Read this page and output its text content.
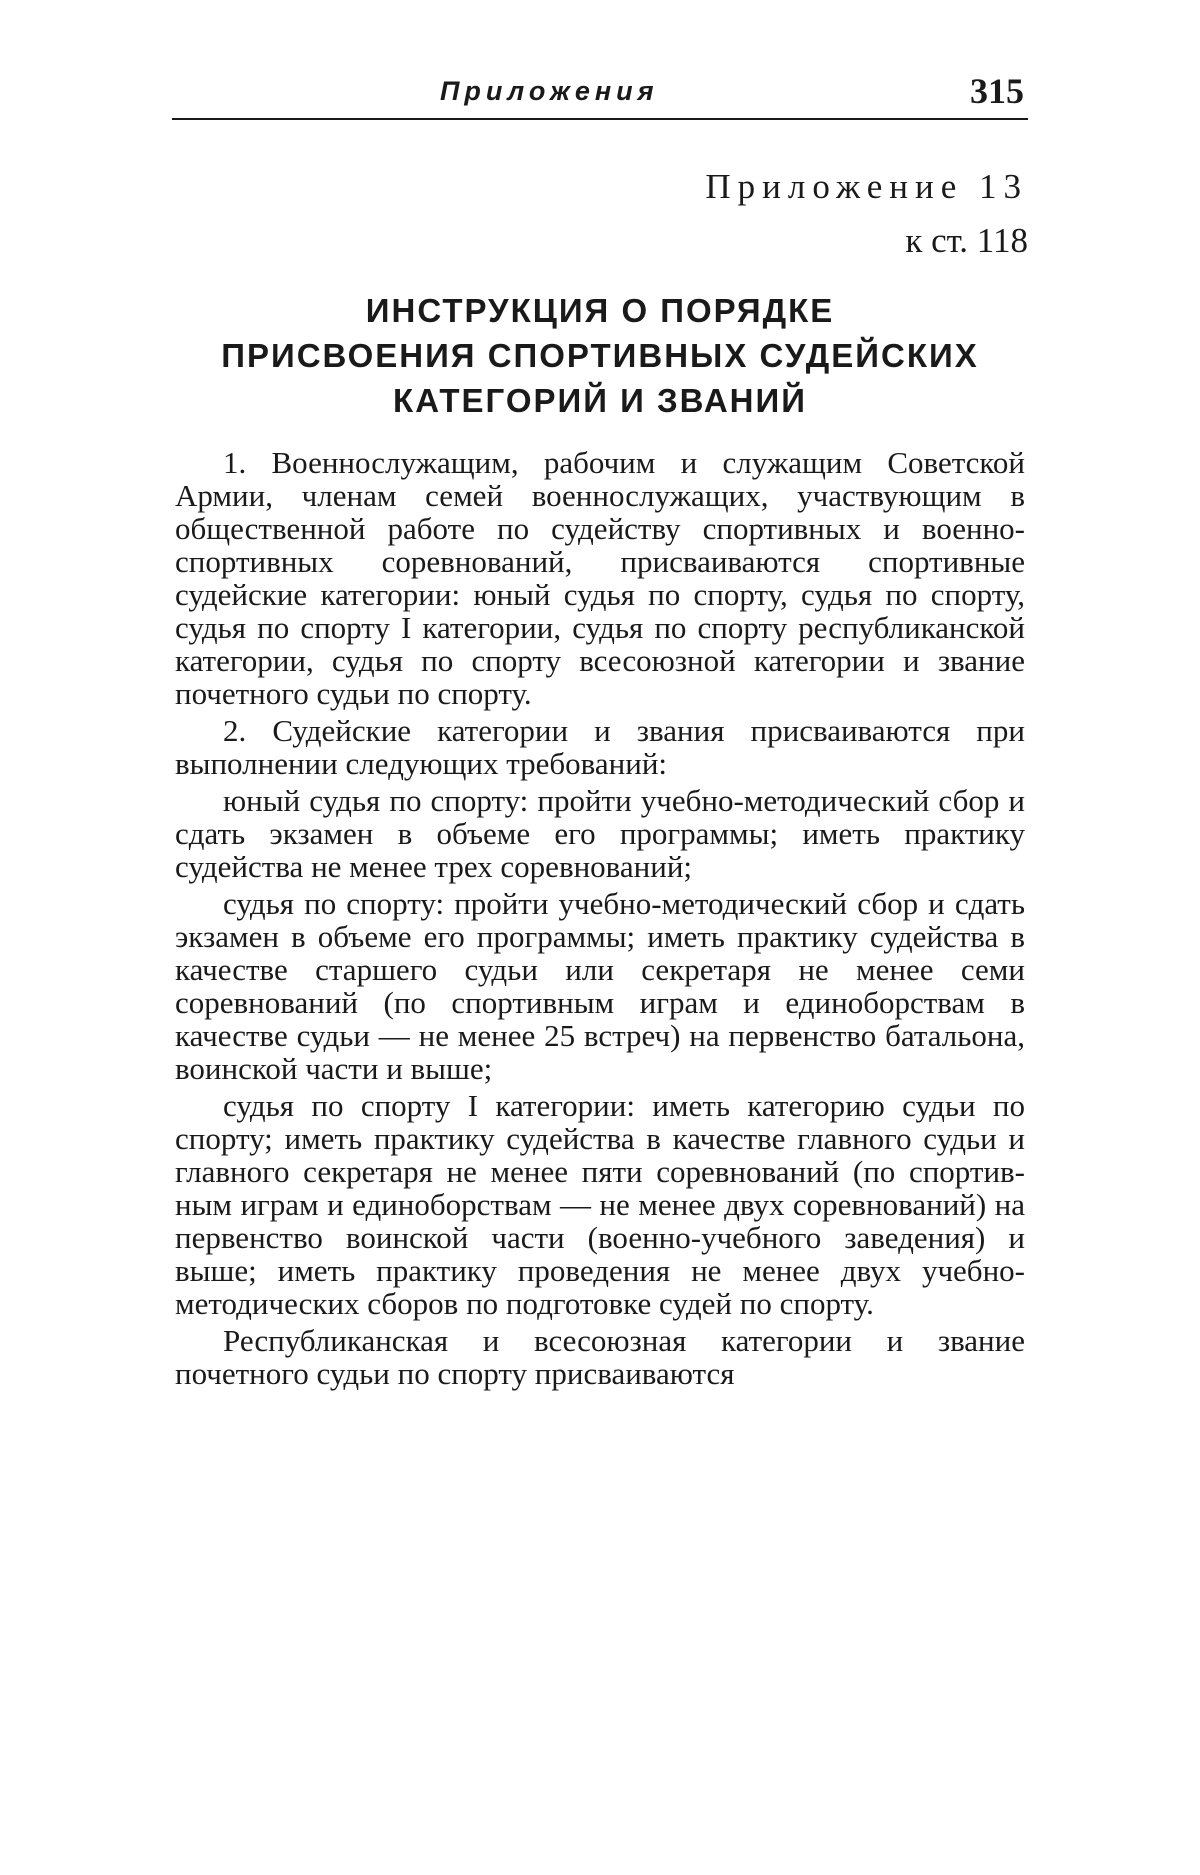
Приложения	315
Приложение 13
к ст. 118
ИНСТРУКЦИЯ О ПОРЯДКЕ
ПРИСВОЕНИЯ СПОРТИВНЫХ СУДЕЙСКИХ
КАТЕГОРИЙ И ЗВАНИЙ

1. Военнослужащим, рабочим и служащим Советской Армии, членам семей военнослужащих, участвующим в общественной работе по судейству спортивных и военно-спортивных соревнований, присваиваются спортивные судейские категории: юный судья по спорту, судья по спорту, судья по спорту I категории, судья по спорту республиканской категории, судья по спорту всесоюзной категории и звание почетного судьи по спорту.

2. Судейские категории и звания присваиваются при выполнении следующих требований:

юный судья по спорту: пройти учебно-методический сбор и сдать экзамен в объеме его программы; иметь практику судейства не менее трех соревнований;

судья по спорту: пройти учебно-методический сбор и сдать экзамен в объеме его программы; иметь практику судейства в качестве старшего судьи или секретаря не менее семи соревнований (по спортивным играм и единоборствам в качестве судьи — не менее 25 встреч) на первенство батальона, воинской части и выше;

судья по спорту I категории: иметь категорию судьи по спорту; иметь практику судейства в качестве главного судьи и главного секретаря не менее пяти соревнований (по спортивным играм и единоборствам — не менее двух соревнований) на первенство воинской части (военно-учебного заведения) и выше; иметь практику проведения не менее двух учебно-методических сборов по подготовке судей по спорту.

Республиканская и всесоюзная категории и звание почетного судьи по спорту присваиваются
